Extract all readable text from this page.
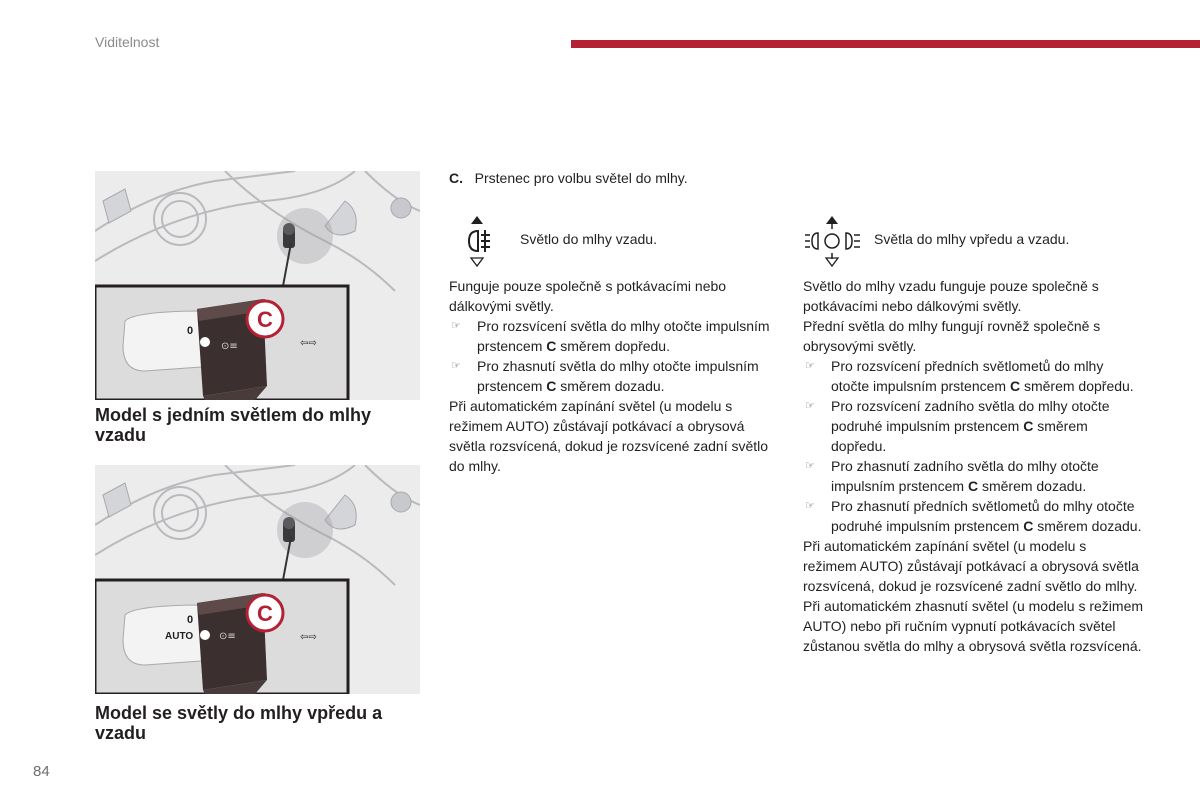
Viditelnost
0
⊙≡	⇦⇨
C
Model s jedním světlem do mlhy vzadu
0
AUTO	⊙≡	⇦⇨
C
Model se světly do mlhy vpředu a vzadu

C. Prstenec pro volbu světel do mlhy.

Světlo do mlhy vzadu.

Funguje pouze společně s potkávacími nebo dálkovými světly.

☞	Pro rozsvícení světla do mlhy otočte impulsním prstencem C směrem dopředu.
☞	Pro zhasnutí světla do mlhy otočte impulsním prstencem C směrem dozadu.

Při automatickém zapínání světel (u modelu s režimem AUTO) zůstávají potkávací a obrysová světla rozsvícená, dokud je rozsvícené zadní světlo do mlhy.

Světla do mlhy vpředu a vzadu.

Světlo do mlhy vzadu funguje pouze společně s potkávacími nebo dálkovými světly.

Přední světla do mlhy fungují rovněž společně s obrysovými světly.

☞	Pro rozsvícení předních světlometů do mlhy otočte impulsním prstencem C směrem dopředu.
☞	Pro rozsvícení zadního světla do mlhy otočte podruhé impulsním prstencem C směrem dopředu.
☞	Pro zhasnutí zadního světla do mlhy otočte impulsním prstencem C směrem dozadu.
☞	Pro zhasnutí předních světlometů do mlhy otočte podruhé impulsním prstencem C směrem dozadu.

Při automatickém zapínání světel (u modelu s režimem AUTO) zůstávají potkávací a obrysová světla rozsvícená, dokud je rozsvícené zadní světlo do mlhy.

Při automatickém zhasnutí světel (u modelu s režimem AUTO) nebo při ručním vypnutí potkávacích světel zůstanou světla do mlhy a obrysová světla rozsvícená.

84
